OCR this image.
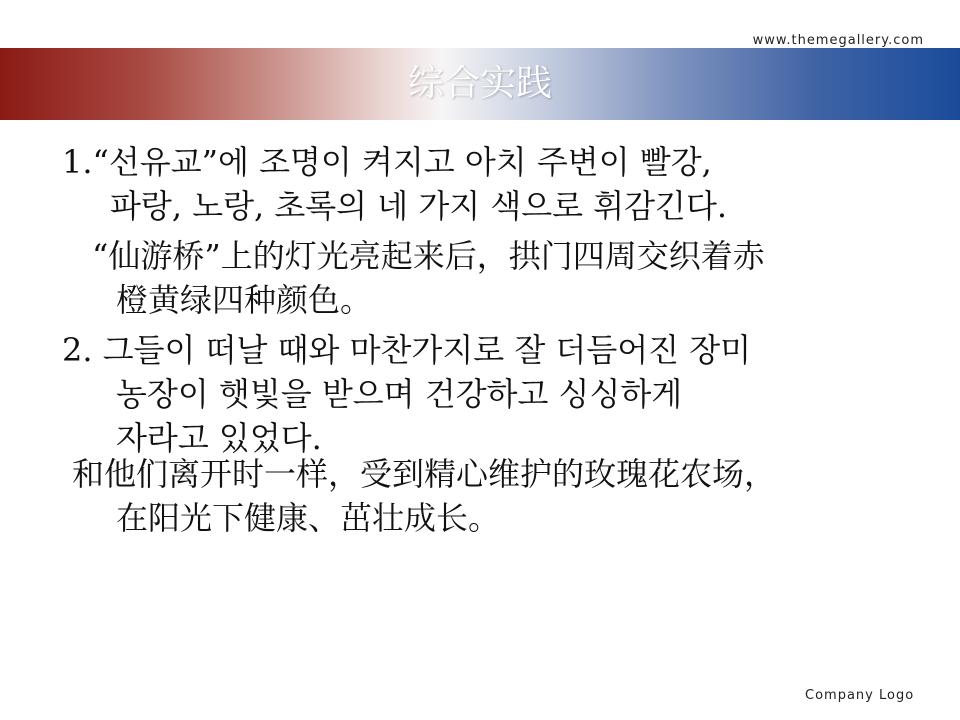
www.themegallery.com
综合实践
1.“선유교”에 조명이 켜지고 아치 주변이 빨강,
파랑, 노랑, 초록의 네 가지 색으로 휘감긴다.
“仙游桥”上的灯光亮起来后，拱门四周交织着赤
橙黄绿四种颜色。
2. 그들이 떠날 때와 마찬가지로 잘 더듬어진 장미
농장이 햇빛을 받으며 건강하고 싱싱하게
자라고 있었다.
和他们离开时一样，受到精心维护的玫瑰花农场，
在阳光下健康、茁壮成长。
Company Logo
